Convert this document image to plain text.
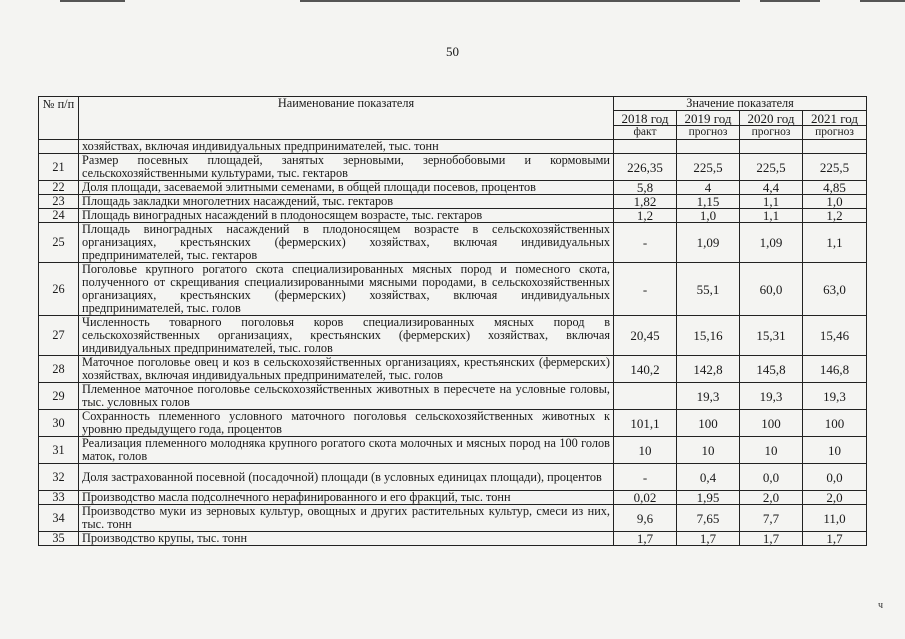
50
№ п/п	Наименование показателя	Значение показателя			
		2018 год	2019 год	2020 год	2021 год
		факт	прогноз	прогноз	прогноз
	хозяйствах, включая индивидуальных предпринимателей, тыс. тонн				
21	Размер посевных площадей, занятых зерновыми, зернобобовыми и кормовыми сельскохозяйственными культурами, тыс. гектаров	226,35	225,5	225,5	225,5
22	Доля площади, засеваемой элитными семенами, в общей площади посевов, процентов	5,8	4	4,4	4,85
23	Площадь закладки многолетних насаждений, тыс. гектаров	1,82	1,15	1,1	1,0
24	Площадь виноградных насаждений в плодоносящем возрасте, тыс. гектаров	1,2	1,0	1,1	1,2
25	Площадь виноградных насаждений в плодоносящем возрасте в сельскохозяйственных организациях, крестьянских (фермерских) хозяйствах, включая индивидуальных предпринимателей, тыс. гектаров	-	1,09	1,09	1,1
26	Поголовье крупного рогатого скота специализированных мясных пород и помесного скота, полученного от скрещивания специализированными мясными породами, в сельскохозяйственных организациях, крестьянских (фермерских) хозяйствах, включая индивидуальных предпринимателей, тыс. голов	-	55,1	60,0	63,0
27	Численность товарного поголовья коров специализированных мясных пород в сельскохозяйственных организациях, крестьянских (фермерских) хозяйствах, включая индивидуальных предпринимателей, тыс. голов	20,45	15,16	15,31	15,46
28	Маточное поголовье овец и коз в сельскохозяйственных организациях, крестьянских (фермерских) хозяйствах, включая индивидуальных предпринимателей, тыс. голов	140,2	142,8	145,8	146,8
29	Племенное маточное поголовье сельскохозяйственных животных в пересчете на условные головы, тыс. условных голов		19,3	19,3	19,3
30	Сохранность племенного условного маточного поголовья сельскохозяйственных животных к уровню предыдущего года, процентов	101,1	100	100	100
31	Реализация племенного молодняка крупного рогатого скота молочных и мясных пород на 100 голов маток, голов	10	10	10	10
32	Доля застрахованной посевной (посадочной) площади (в условных единицах площади), процентов	-	0,4	0,0	0,0
33	Производство масла подсолнечного нерафинированного и его фракций, тыс. тонн	0,02	1,95	2,0	2,0
34	Производство муки из зерновых культур, овощных и других растительных культур, смеси из них, тыс. тонн	9,6	7,65	7,7	11,0
35	Производство крупы, тыс. тонн	1,7	1,7	1,7	1,7
ч
